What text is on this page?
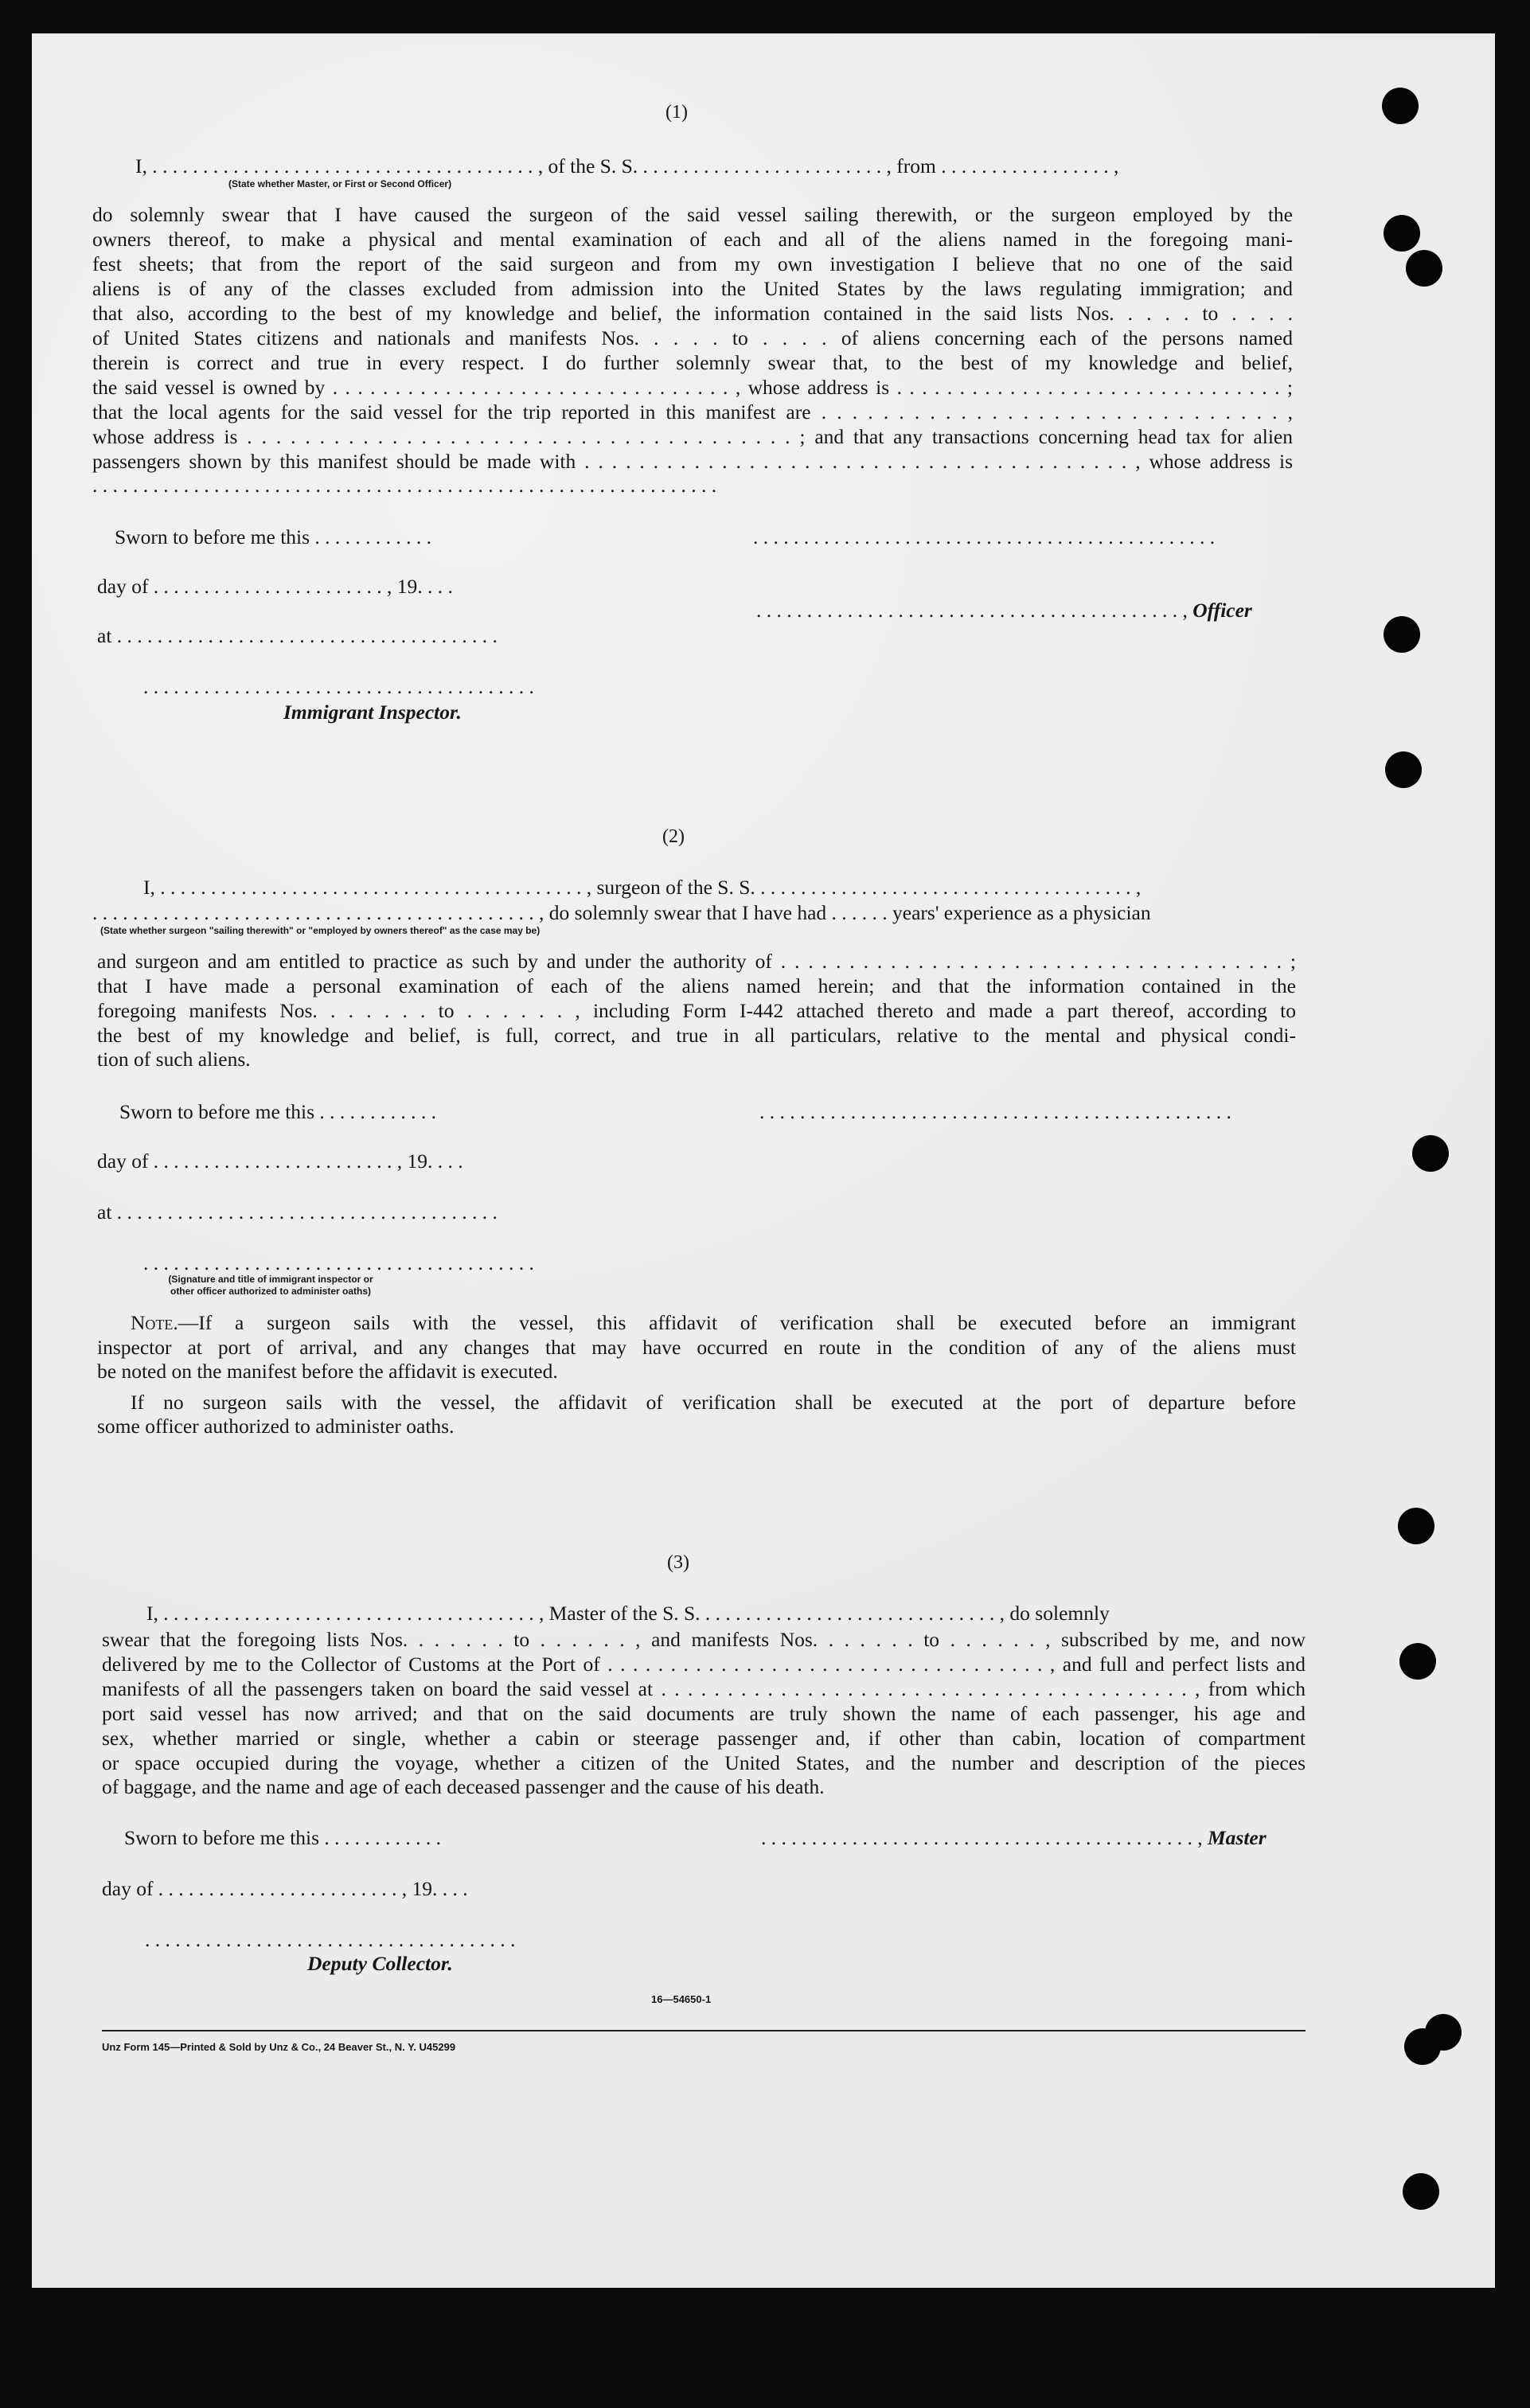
(1)
I, . . . . . . . . . . . . . . . . . . . . . . . . . . . . . . . . . . . . . . , of the S. S. . . . . . . . . . . . . . . . . . . . . . . . . , from . . . . . . . . . . . . . . . . . ,
(State whether Master, or First or Second Officer)
do solemnly swear that I have caused the surgeon of the said vessel sailing therewith, or the surgeon employed by the
owners thereof, to make a physical and mental examination of each and all of the aliens named in the foregoing mani-
fest sheets; that from the report of the said surgeon and from my own investigation I believe that no one of the said
aliens is of any of the classes excluded from admission into the United States by the laws regulating immigration; and
that also, according to the best of my knowledge and belief, the information contained in the said lists Nos. . . . . to . . . .
of United States citizens and nationals and manifests Nos. . . . . to . . . . of aliens concerning each of the persons named
therein is correct and true in every respect. I do further solemnly swear that, to the best of my knowledge and belief,
the said vessel is owned by . . . . . . . . . . . . . . . . . . . . . . . . . . . . . . . . , whose address is . . . . . . . . . . . . . . . . . . . . . . . . . . . . . . . ;
that the local agents for the said vessel for the trip reported in this manifest are . . . . . . . . . . . . . . . . . . . . . . . . . . . . . . ,
whose address is . . . . . . . . . . . . . . . . . . . . . . . . . . . . . . . . . . . . . . ; and that any transactions concerning head tax for alien
passengers shown by this manifest should be made with . . . . . . . . . . . . . . . . . . . . . . . . . . . . . . . . . . . . . . . . , whose address is
. . . . . . . . . . . . . . . . . . . . . . . . . . . . . . . . . . . . . . . . . . . . . . . . . . . . . . . . . . . . . .
Sworn to before me this . . . . . . . . . . . .	. . . . . . . . . . . . . . . . . . . . . . . . . . . . . . . . . . . . . . . . . . . . . .
day of . . . . . . . . . . . . . . . . . . . . . . . , 19. . . .
. . . . . . . . . . . . . . . . . . . . . . . . . . . . . . . . . . . . . . . . . . , Officer
at . . . . . . . . . . . . . . . . . . . . . . . . . . . . . . . . . . . . . .
. . . . . . . . . . . . . . . . . . . . . . . . . . . . . . . . . . . . . . .
Immigrant Inspector.
(2)
I, . . . . . . . . . . . . . . . . . . . . . . . . . . . . . . . . . . . . . . . . . . , surgeon of the S. S. . . . . . . . . . . . . . . . . . . . . . . . . . . . . . . . . . . . . . ,
. . . . . . . . . . . . . . . . . . . . . . . . . . . . . . . . . . . . . . . . . . . . , do solemnly swear that I have had . . . . . . years' experience as a physician
(State whether surgeon "sailing therewith" or "employed by owners thereof" as the case may be)
and surgeon and am entitled to practice as such by and under the authority of . . . . . . . . . . . . . . . . . . . . . . . . . . . . . . . . . . . . . ;
that I have made a personal examination of each of the aliens named herein; and that the information contained in the
foregoing manifests Nos. . . . . . . to . . . . . . , including Form I-442 attached thereto and made a part thereof, according to
the best of my knowledge and belief, is full, correct, and true in all particulars, relative to the mental and physical condi-
tion of such aliens.
Sworn to before me this . . . . . . . . . . . .	. . . . . . . . . . . . . . . . . . . . . . . . . . . . . . . . . . . . . . . . . . . . . . .
day of . . . . . . . . . . . . . . . . . . . . . . . . , 19. . . .
at . . . . . . . . . . . . . . . . . . . . . . . . . . . . . . . . . . . . . .
. . . . . . . . . . . . . . . . . . . . . . . . . . . . . . . . . . . . . . .
(Signature and title of immigrant inspector or
other officer authorized to administer oaths)
Note.—If a surgeon sails with the vessel, this affidavit of verification shall be executed before an immigrant
inspector at port of arrival, and any changes that may have occurred en route in the condition of any of the aliens must
be noted on the manifest before the affidavit is executed.
If no surgeon sails with the vessel, the affidavit of verification shall be executed at the port of departure before
some officer authorized to administer oaths.
(3)
I, . . . . . . . . . . . . . . . . . . . . . . . . . . . . . . . . . . . . . , Master of the S. S. . . . . . . . . . . . . . . . . . . . . . . . . . . . . . , do solemnly
swear that the foregoing lists Nos. . . . . . . to . . . . . . , and manifests Nos. . . . . . . to . . . . . . , subscribed by me, and now
delivered by me to the Collector of Customs at the Port of . . . . . . . . . . . . . . . . . . . . . . . . . . . . . . . . . . . , and full and perfect lists and
manifests of all the passengers taken on board the said vessel at . . . . . . . . . . . . . . . . . . . . . . . . . . . . . . . . . . . . . . . . , from which
port said vessel has now arrived; and that on the said documents are truly shown the name of each passenger, his age and
sex, whether married or single, whether a cabin or steerage passenger and, if other than cabin, location of compartment
or space occupied during the voyage, whether a citizen of the United States, and the number and description of the pieces
of baggage, and the name and age of each deceased passenger and the cause of his death.
Sworn to before me this . . . . . . . . . . . .	. . . . . . . . . . . . . . . . . . . . . . . . . . . . . . . . . . . . . . . . . . . , Master
day of . . . . . . . . . . . . . . . . . . . . . . . . , 19. . . .
. . . . . . . . . . . . . . . . . . . . . . . . . . . . . . . . . . . . .
Deputy Collector.
16—54650-1
Unz Form 145—Printed & Sold by Unz & Co., 24 Beaver St., N. Y. U45299
